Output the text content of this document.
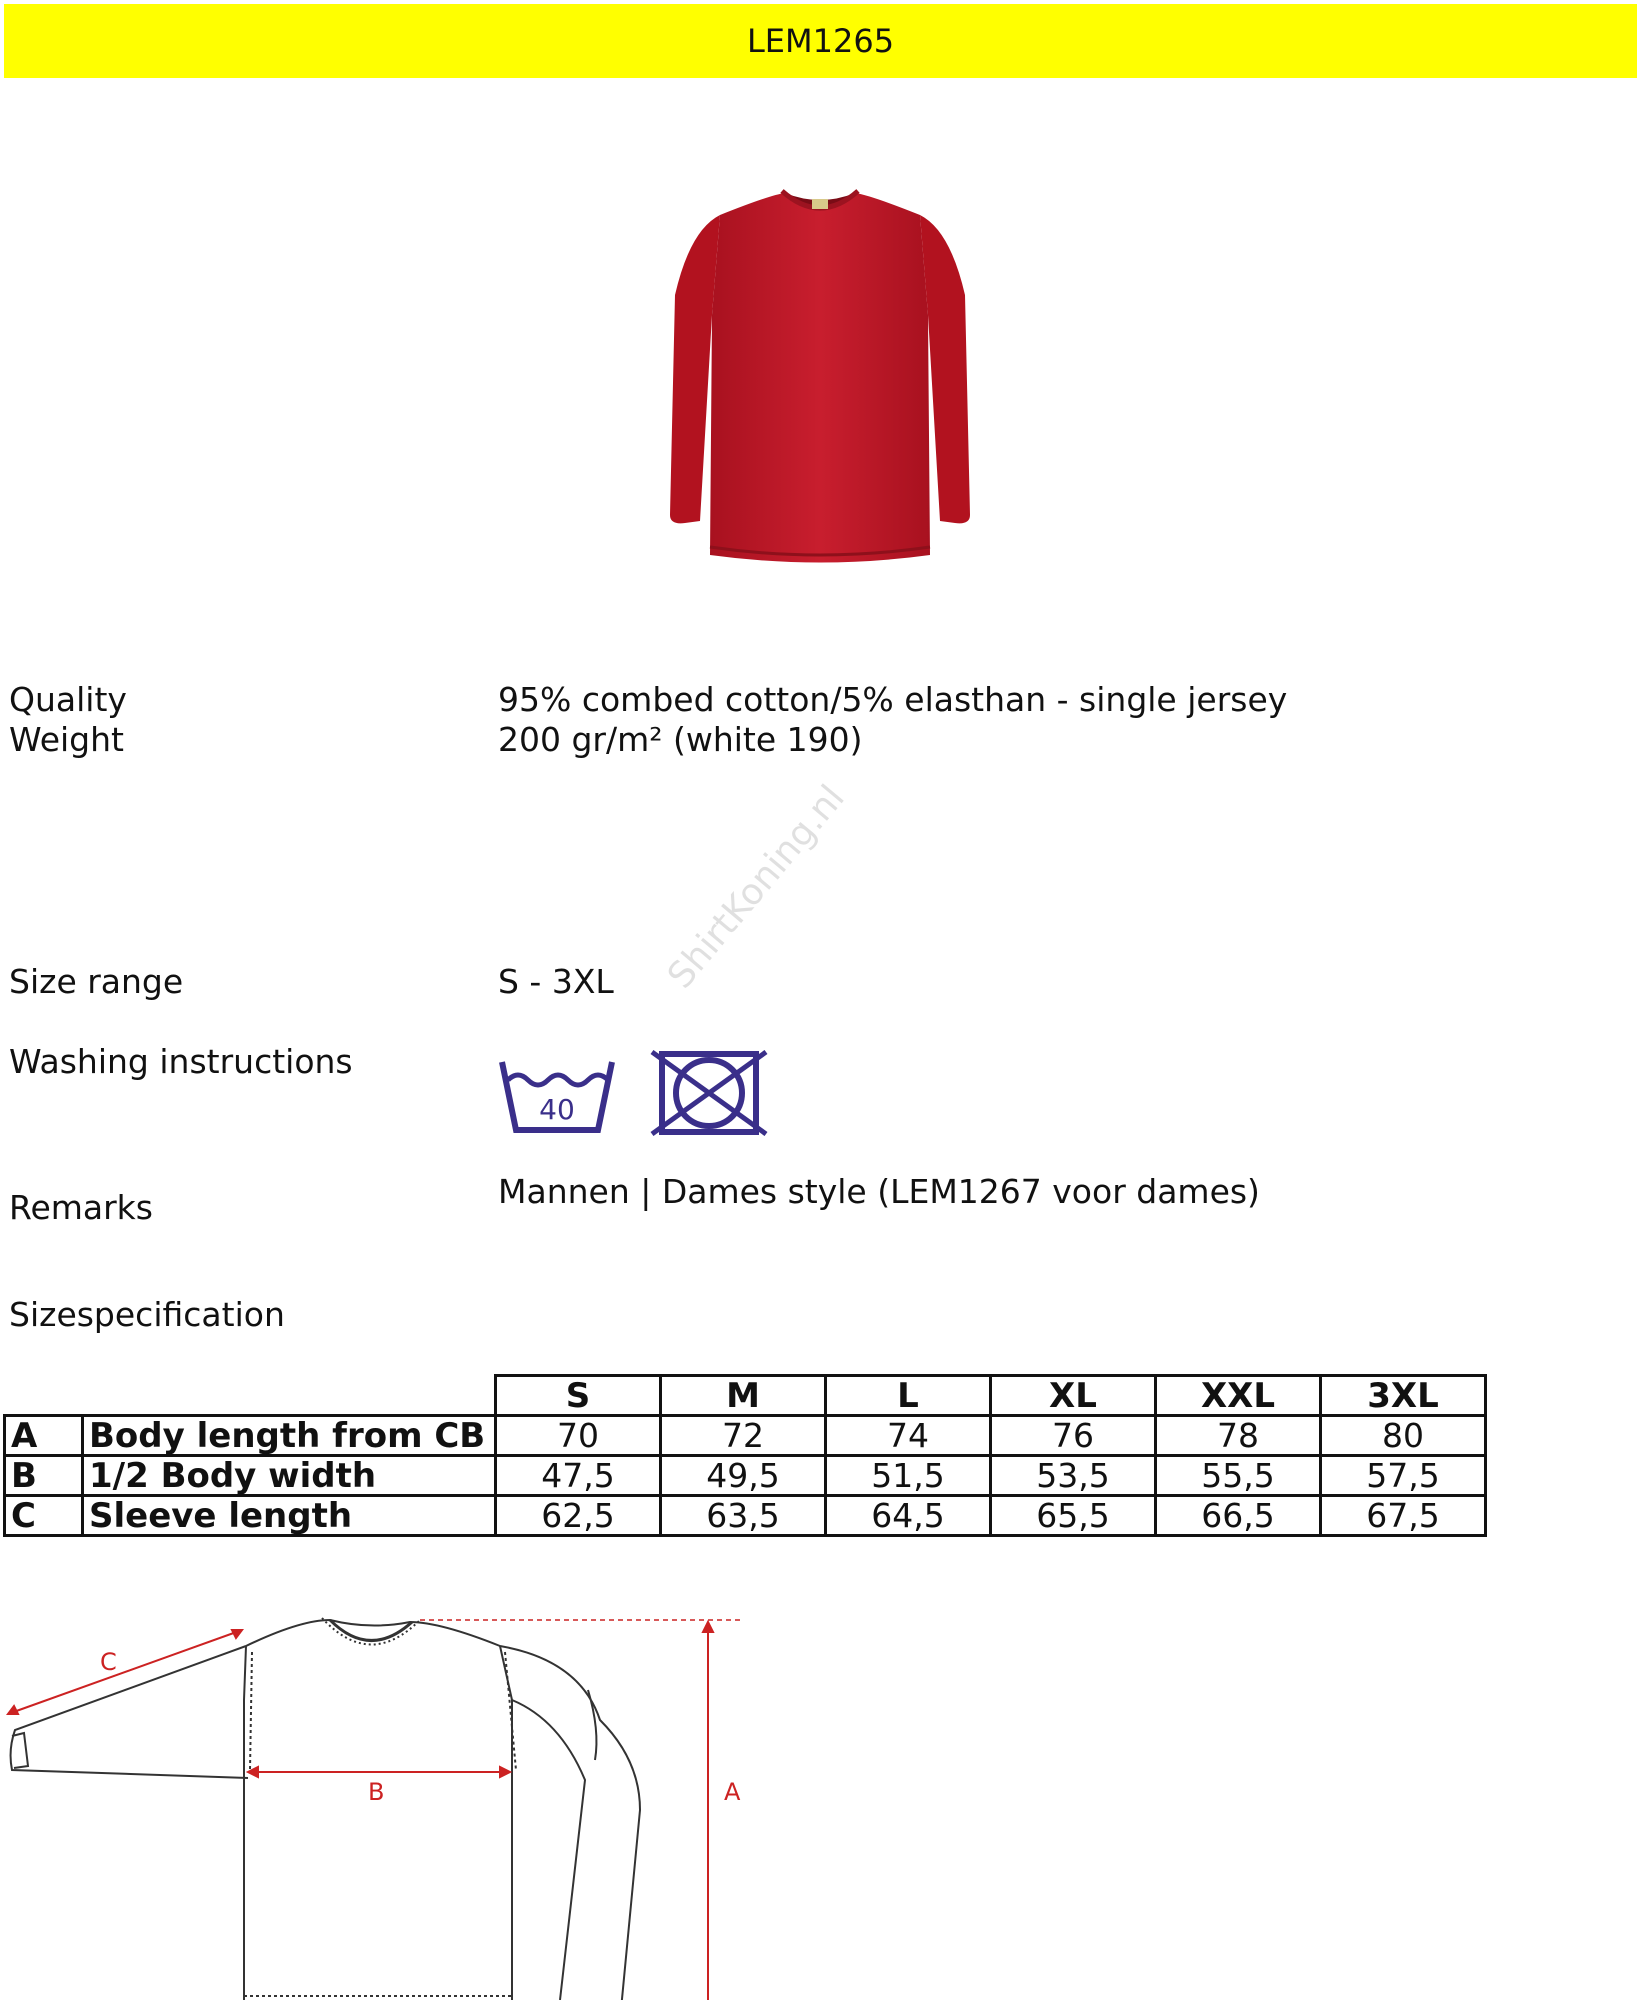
LEM1265
Quality	95% combed cotton/5% elasthan - single jersey
Weight	200 gr/m² (white 190)
Size range	S - 3XL
Washing instructions
40
ShirtKoning.nl
Remarks	Mannen | Dames style (LEM1267 voor dames)
Sizespecification
		S	M	L	XL	XXL	3XL
A	Body length from CB	70	72	74	76	78	80
B	1/2 Body width	47,5	49,5	51,5	53,5	55,5	57,5
C	Sleeve length	62,5	63,5	64,5	65,5	66,5	67,5
C
B	A
